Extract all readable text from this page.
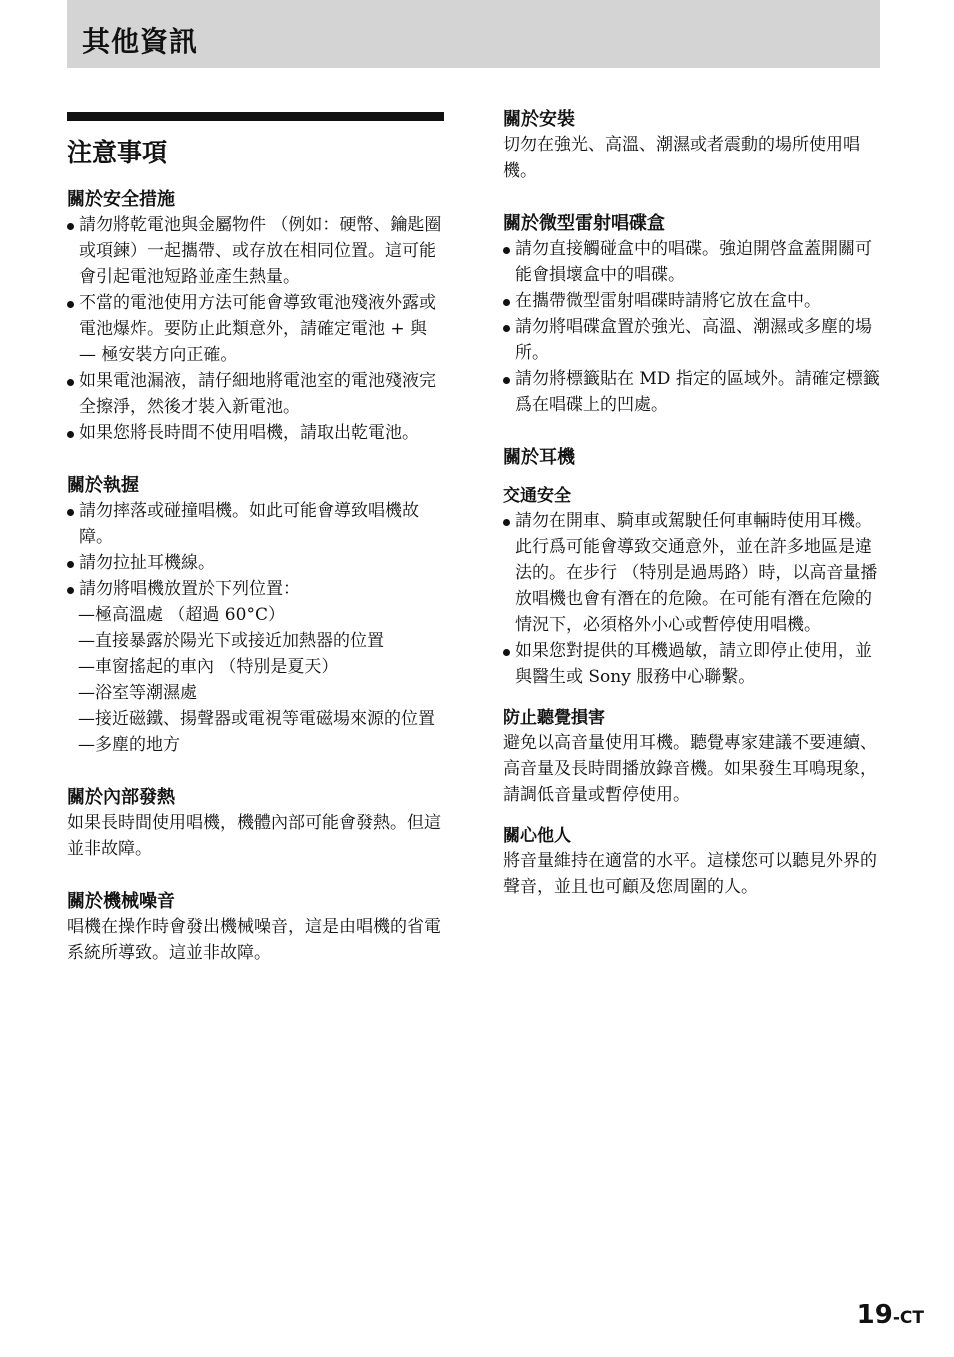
其他資訊
注意事項
關於安全措施
請勿將乾電池與金屬物件 （例如：硬幣、鑰匙圈或項鍊）一起攜帶、或存放在相同位置。這可能會引起電池短路並產生熱量。
不當的電池使用方法可能會導致電池殘液外露或電池爆炸。要防止此類意外，請確定電池 + 與 — 極安裝方向正確。
如果電池漏液，請仔細地將電池室的電池殘液完全擦淨，然後才裝入新電池。
如果您將長時間不使用唱機，請取出乾電池。
關於執握
請勿摔落或碰撞唱機。如此可能會導致唱機故障。
請勿拉扯耳機線。
請勿將唱機放置於下列位置：
—極高溫處 （超過 60°C）
—直接暴露於陽光下或接近加熱器的位置
—車窗搖起的車內 （特別是夏天）
—浴室等潮濕處
—接近磁鐵、揚聲器或電視等電磁場來源的位置
—多塵的地方
關於內部發熱

如果長時間使用唱機，機體內部可能會發熱。但這並非故障。

關於機械噪音

唱機在操作時會發出機械噪音，這是由唱機的省電系統所導致。這並非故障。

關於安裝

切勿在強光、高溫、潮濕或者震動的場所使用唱機。

關於微型雷射唱碟盒
請勿直接觸碰盒中的唱碟。強迫開啓盒蓋開關可能會損壞盒中的唱碟。
在攜帶微型雷射唱碟時請將它放在盒中。
請勿將唱碟盒置於強光、高溫、潮濕或多塵的場所。
請勿將標籤貼在 MD 指定的區域外。請確定標籤爲在唱碟上的凹處。
關於耳機
交通安全
請勿在開車、騎車或駕駛任何車輛時使用耳機。此行爲可能會導致交通意外，並在許多地區是違法的。在步行 （特別是過馬路）時，以高音量播放唱機也會有潛在的危險。在可能有潛在危險的情況下，必須格外小心或暫停使用唱機。
如果您對提供的耳機過敏，請立即停止使用，並與醫生或 Sony 服務中心聯繫。
防止聽覺損害

避免以高音量使用耳機。聽覺專家建議不要連續、高音量及長時間播放錄音機。如果發生耳鳴現象，請調低音量或暫停使用。

關心他人

將音量維持在適當的水平。這樣您可以聽見外界的聲音，並且也可顧及您周圍的人。

19-CT
